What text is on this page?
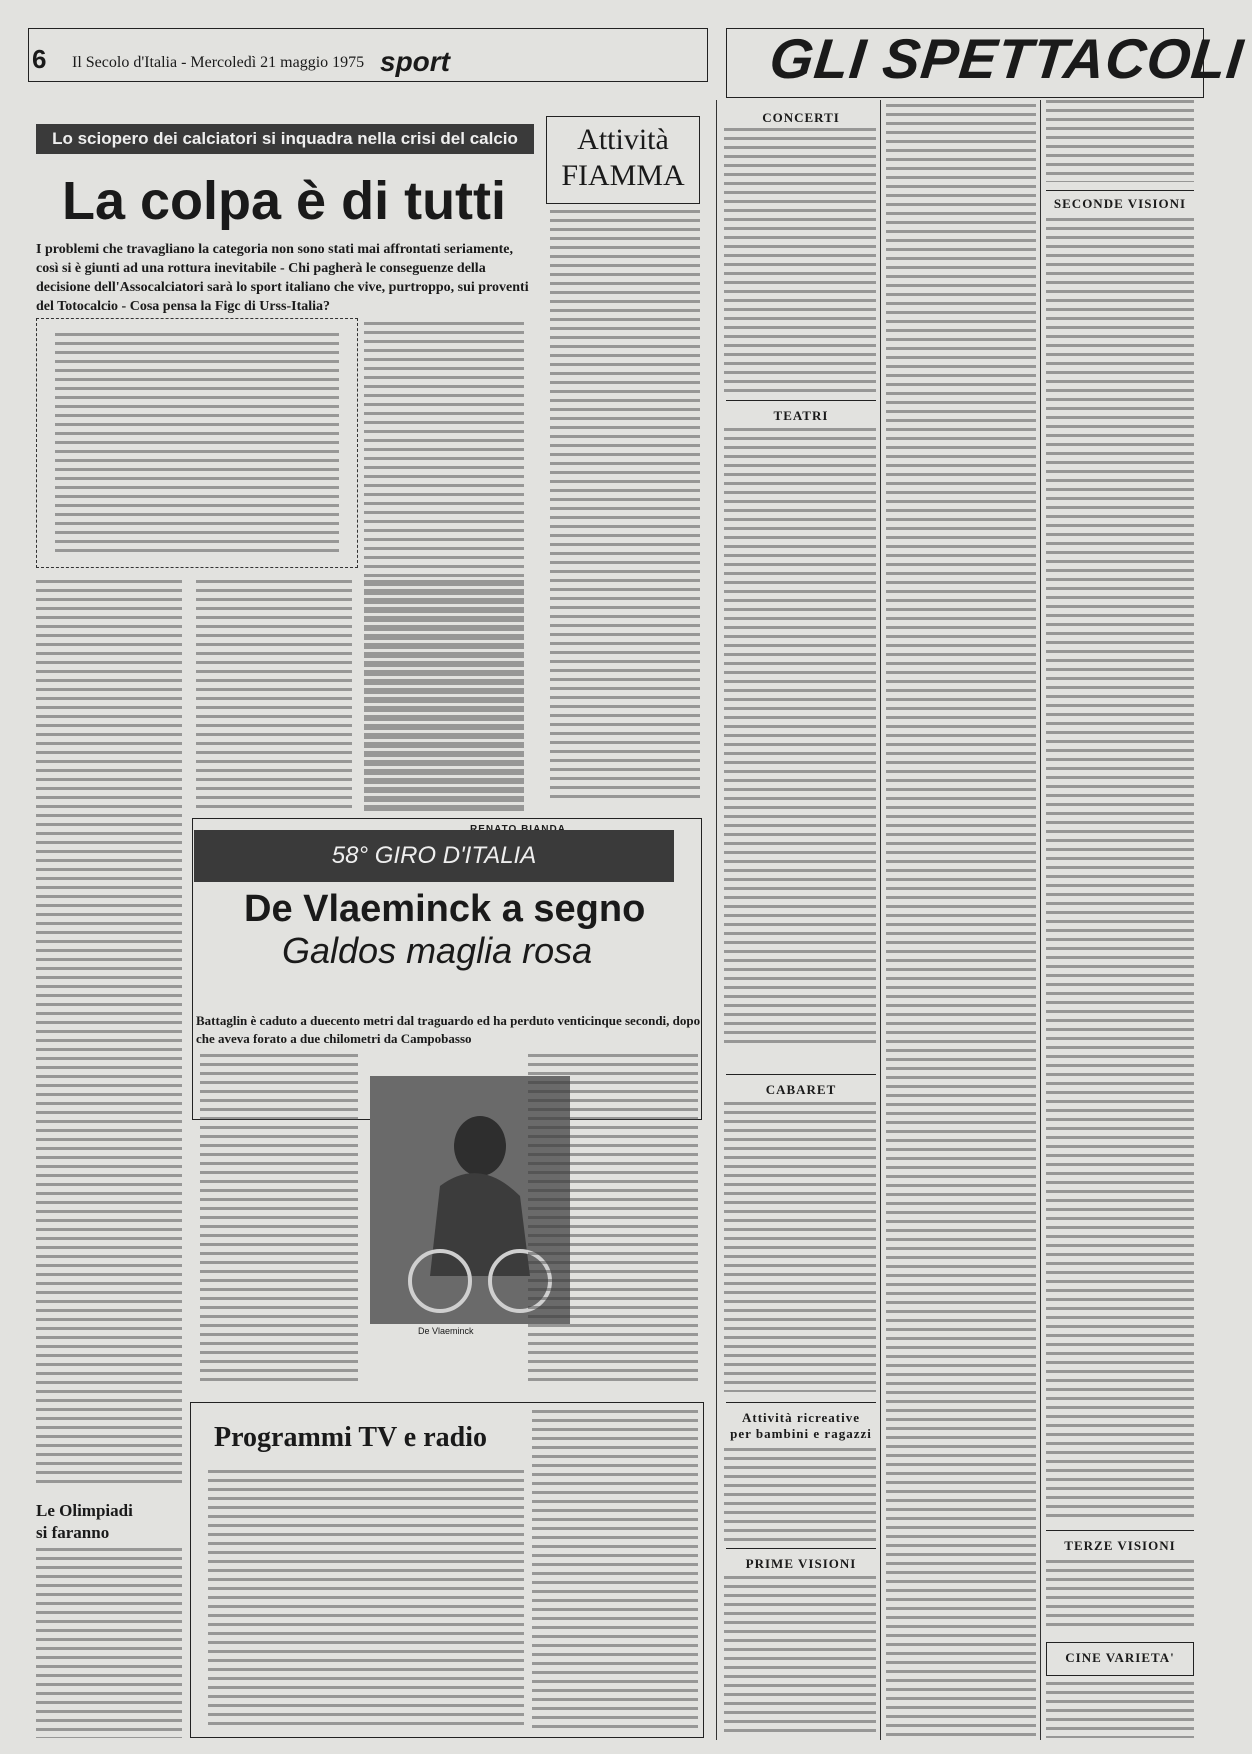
6 Il Secolo d'Italia - Mercoledì 21 maggio 1975 sport	GLI SPETTACOLI
Lo sciopero dei calciatori si inquadra nella crisi del calcio
La colpa è di tutti
I problemi che travagliano la categoria non sono stati mai affrontati seriamente, così si è giunti ad una rottura inevitabile - Chi pagherà le conseguenze della decisione dell'Assocalciatori sarà lo sport italiano che vive, purtroppo, sui proventi del Totocalcio - Cosa pensa la Figc di Urss-Italia?
Attività
FIAMMA
58° GIRO D'ITALIA
De Vlaeminck a segno
Galdos maglia rosa
Battaglin è caduto a duecento metri dal traguardo ed ha perduto venticinque secondi, dopo che aveva forato a due chilometri da Campobasso
De Vlaeminck
Le Olimpiadi
si faranno
Programmi TV e radio
CONCERTI
TEATRI
CABARET
Attività ricreative
per bambini e ragazzi
PRIME VISIONI
SECONDE VISIONI
TERZE VISIONI
CINE VARIETA'
